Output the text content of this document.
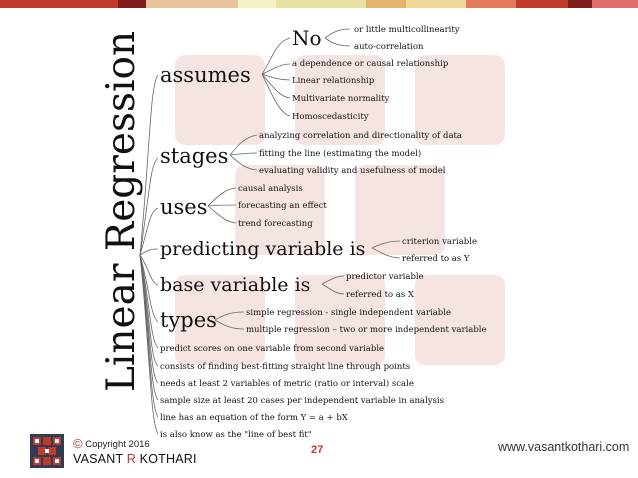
Linear Regression assumes
No	or little multicollinearity
auto-correlation
a dependence or causal relationship
Linear relationship
Multivariate normality
Homoscedasticity
stages
analyzing correlation and directionality of data
fitting the line (estimating the model)
evaluating validity and usefulness of model
uses
causal analysis
forecasting an effect
trend forecasting
predicting variable is	criterion variable
referred to as Y
base variable is	predictor variable
referred to as X
types	simple regression - single independent variable
multiple regression – two or more independent variable
predict scores on one variable from second variable
consists of finding best-fitting straight line through points
needs at least 2 variables of metric (ratio or interval) scale
sample size at least 20 cases per independent variable in analysis
line has an equation of the form Y = a + bX
is also know as the "line of best fit"
© Copyright 2016
VASANT R KOTHARI
27	www.vasantkothari.com
